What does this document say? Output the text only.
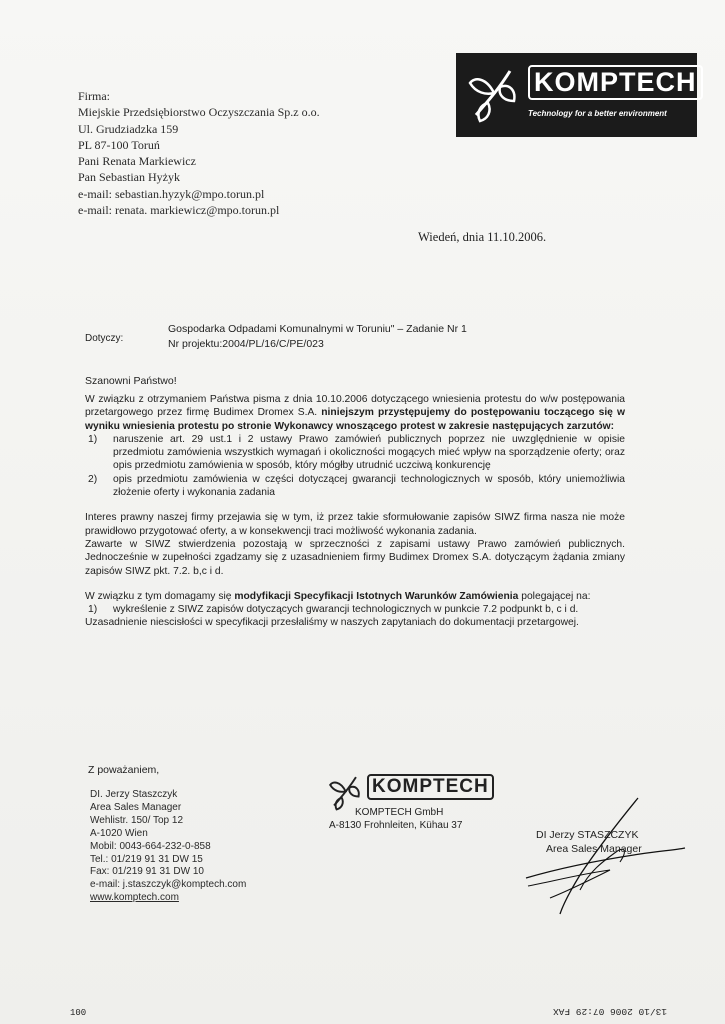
Firma:
Miejskie Przedsiębiorstwo Oczyszczania Sp.z o.o.
Ul. Grudziadzka 159
PL 87-100 Toruń
Pani Renata Markiewicz
Pan Sebastian Hyżyk
e-mail: sebastian.hyzyk@mpo.torun.pl
e-mail: renata. markiewicz@mpo.torun.pl
KOMPTECH
Technology for a better environment
Wiedeń, dnia 11.10.2006.
Dotyczy:
Gospodarka Odpadami Komunalnymi w Toruniu" – Zadanie Nr 1
Nr projektu:2004/PL/16/C/PE/023
Szanowni Państwo!

W związku z otrzymaniem Państwa pisma z dnia 10.10.2006 dotyczącego wniesienia protestu do w/w postępowania przetargowego przez firmę Budimex Dromex S.A. niniejszym przystępujemy do postępowaniu toczącego się w wyniku wniesienia protestu po stronie Wykonawcy wnoszącego protest w zakresie następujących zarzutów:

1) naruszenie art. 29 ust.1 i 2 ustawy Prawo zamówień publicznych poprzez nie uwzględnienie w opisie przedmiotu zamówienia wszystkich wymagań i okoliczności mogących mieć wpływ na sporządzenie oferty; oraz opis przedmiotu zamówienia w sposób, który mógłby utrudnić uczciwą konkurencję
2) opis przedmiotu zamówienia w części dotyczącej gwarancji technologicznych w sposób, który uniemożliwia złożenie oferty i wykonania zadania

Interes prawny naszej firmy przejawia się w tym, iż przez takie sformułowanie zapisów SIWZ firma nasza nie może prawidłowo przygotować oferty, a w konsekwencji traci możliwość wykonania zadania.

Zawarte w SIWZ stwierdzenia pozostają w sprzeczności z zapisami ustawy Prawo zamówień publicznych. Jednocześnie w zupełności zgadzamy się z uzasadnieniem firmy Budimex Dromex S.A. dotyczącym żądania zmiany zapisów SIWZ pkt. 7.2. b,c i d.

W związku z tym domagamy się modyfikacji Specyfikacji Istotnych Warunków Zamówienia polegającej na:

1) wykreślenie z SIWZ zapisów dotyczących gwarancji technologicznych w punkcie 7.2 podpunkt b, c i d.

Uzasadnienie niescisłości w specyfikacji przesłaliśmy w naszych zapytaniach do dokumentacji przetargowej.

Z poważaniem,
DI. Jerzy Staszczyk
Area Sales Manager
Wehlistr. 150/ Top 12
A-1020 Wien
Mobil: 0043-664-232-0-858
Tel.: 01/219 91 31 DW 15
Fax: 01/219 91 31 DW 10
e-mail: j.staszczyk@komptech.com
www.komptech.com
KOMPTECH
KOMPTECH GmbH
A-8130 Frohnleiten, Kühau 37
DI Jerzy STASZCZYK
Area Sales Manager
100	13/10 2006 07:29 FAX
